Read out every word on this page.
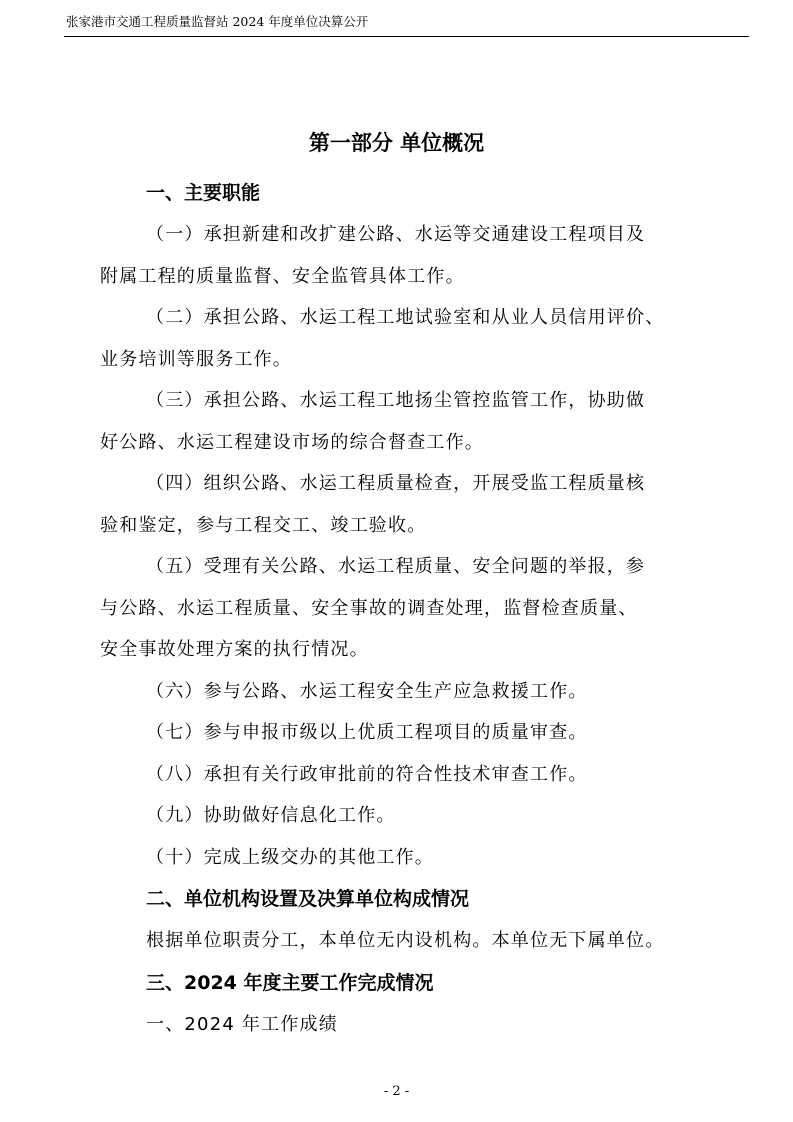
张家港市交通工程质量监督站 2024 年度单位决算公开
第一部分 单位概况
一、主要职能

（一）承担新建和改扩建公路、水运等交通建设工程项目及
附属工程的质量监督、安全监管具体工作。

（二）承担公路、水运工程工地试验室和从业人员信用评价、
业务培训等服务工作。

（三）承担公路、水运工程工地扬尘管控监管工作，协助做
好公路、水运工程建设市场的综合督查工作。

（四）组织公路、水运工程质量检查，开展受监工程质量核
验和鉴定，参与工程交工、竣工验收。

（五）受理有关公路、水运工程质量、安全问题的举报，参
与公路、水运工程质量、安全事故的调查处理，监督检查质量、
安全事故处理方案的执行情况。

（六）参与公路、水运工程安全生产应急救援工作。

（七）参与申报市级以上优质工程项目的质量审查。

（八）承担有关行政审批前的符合性技术审查工作。

（九）协助做好信息化工作。

（十）完成上级交办的其他工作。

二、单位机构设置及决算单位构成情况

根据单位职责分工，本单位无内设机构。本单位无下属单位。

三、2024 年度主要工作完成情况

一、2024 年工作成绩

- 2 -
